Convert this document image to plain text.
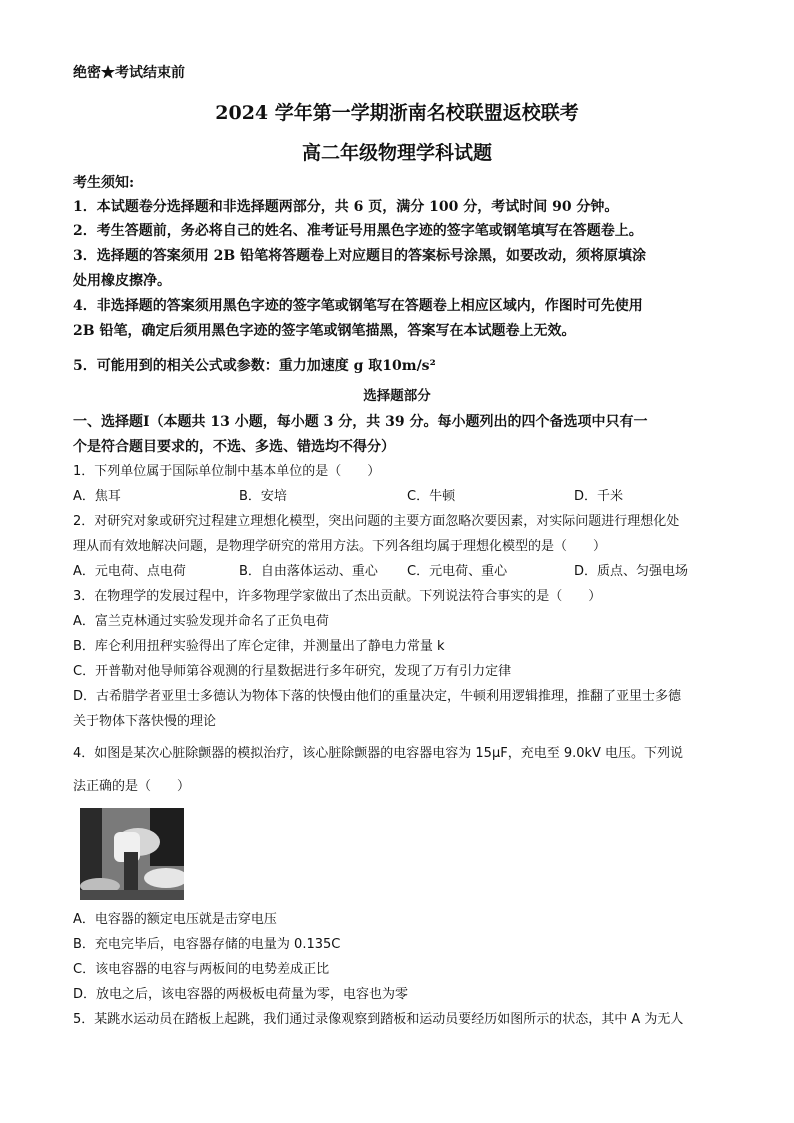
绝密★考试结束前
2024 学年第一学期浙南名校联盟返校联考
高二年级物理学科试题
考生须知:
1．本试题卷分选择题和非选择题两部分，共 6 页，满分 100 分，考试时间 90 分钟。
2．考生答题前，务必将自己的姓名、准考证号用黑色字迹的签字笔或钢笔填写在答题卷上。
3．选择题的答案须用 2B 铅笔将答题卷上对应题目的答案标号涂黑，如要改动，须将原填涂
处用橡皮擦净。
4．非选择题的答案须用黑色字迹的签字笔或钢笔写在答题卷上相应区域内，作图时可先使用
2B 铅笔，确定后须用黑色字迹的签字笔或钢笔描黑，答案写在本试题卷上无效。
5．可能用到的相关公式或参数：重力加速度 g 取10m/s²
选择题部分
一、选择题Ⅰ（本题共 13 小题，每小题 3 分，共 39 分。每小题列出的四个备选项中只有一
个是符合题目要求的，不选、多选、错选均不得分）
1．下列单位属于国际单位制中基本单位的是（　　）
A．焦耳	B．安培	C．牛顿	D．千米
2．对研究对象或研究过程建立理想化模型，突出问题的主要方面忽略次要因素，对实际问题进行理想化处
理从而有效地解决问题，是物理学研究的常用方法。下列各组均属于理想化模型的是（　　）
A．元电荷、点电荷	B．自由落体运动、重心 C．元电荷、重心	D．质点、匀强电场
3．在物理学的发展过程中，许多物理学家做出了杰出贡献。下列说法符合事实的是（　　）
A．富兰克林通过实验发现并命名了正负电荷
B．库仑利用扭秤实验得出了库仑定律，并测量出了静电力常量 k
C．开普勒对他导师第谷观测的行星数据进行多年研究，发现了万有引力定律
D．古希腊学者亚里士多德认为物体下落的快慢由他们的重量决定，牛顿利用逻辑推理，推翻了亚里士多德
关于物体下落快慢的理论
4．如图是某次心脏除颤器的模拟治疗，该心脏除颤器的电容器电容为 15μF，充电至 9.0kV 电压。下列说
法正确的是（　　）
A．电容器的额定电压就是击穿电压
B．充电完毕后，电容器存储的电量为 0.135C
C．该电容器的电容与两板间的电势差成正比
D．放电之后，该电容器的两极板电荷量为零，电容也为零
5．某跳水运动员在踏板上起跳，我们通过录像观察到踏板和运动员要经历如图所示的状态，其中 A 为无人
